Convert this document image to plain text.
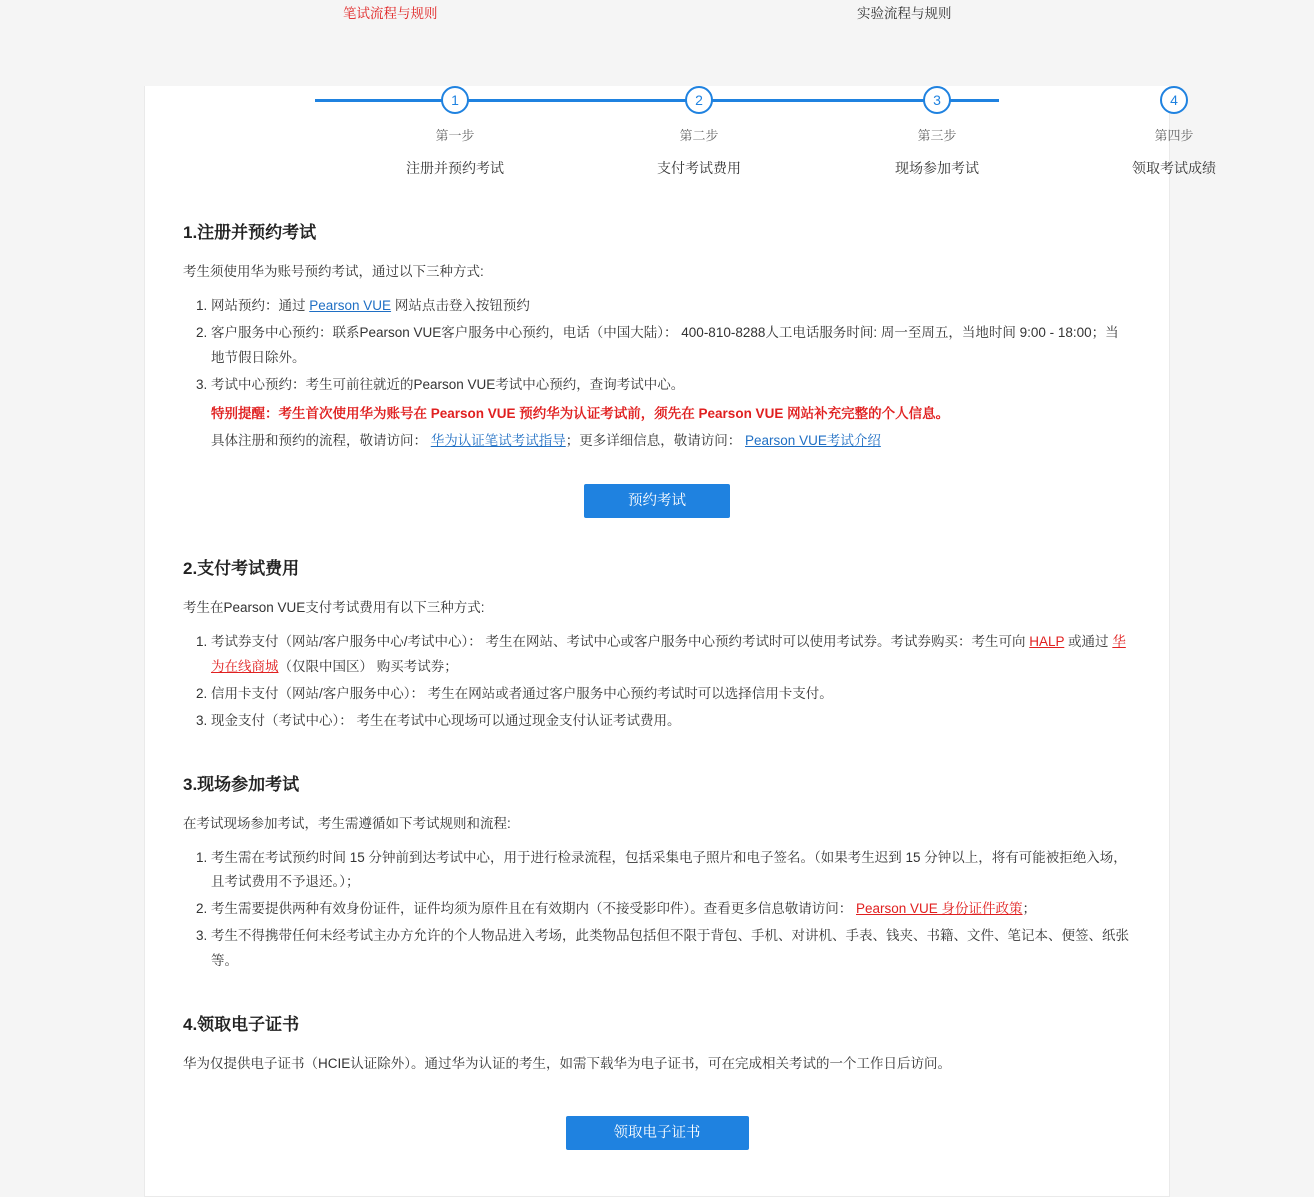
笔试流程与规则	实验流程与规则
1
第一步
注册并预约考试
2
第二步
支付考试费用
3
第三步
现场参加考试
4
第四步
领取考试成绩
1.注册并预约考试

考生须使用华为账号预约考试，通过以下三种方式:

1. 网站预约：通过 Pearson VUE 网站点击登入按钮预约
2. 客户服务中心预约：联系Pearson VUE客户服务中心预约，电话（中国大陆）： 400-810-8288人工电话服务时间: 周一至周五，当地时间 9:00 - 18:00；当地节假日除外。
3. 考试中心预约：考生可前往就近的Pearson VUE考试中心预约，查询考试中心。
特别提醒：考生首次使用华为账号在 Pearson VUE 预约华为认证考试前，须先在 Pearson VUE 网站补充完整的个人信息。
具体注册和预约的流程，敬请访问： 华为认证笔试考试指导；更多详细信息，敬请访问： Pearson VUE考试介绍
预约考试
2.支付考试费用

考生在Pearson VUE支付考试费用有以下三种方式:

1. 考试券支付（网站/客户服务中心/考试中心）： 考生在网站、考试中心或客户服务中心预约考试时可以使用考试券。考试券购买：考生可向 HALP 或通过 华为在线商城（仅限中国区） 购买考试券；
2. 信用卡支付（网站/客户服务中心）： 考生在网站或者通过客户服务中心预约考试时可以选择信用卡支付。
3. 现金支付（考试中心）： 考生在考试中心现场可以通过现金支付认证考试费用。
3.现场参加考试

在考试现场参加考试，考生需遵循如下考试规则和流程:

1. 考生需在考试预约时间 15 分钟前到达考试中心，用于进行检录流程，包括采集电子照片和电子签名。（如果考生迟到 15 分钟以上，将有可能被拒绝入场，且考试费用不予退还。）；
2. 考生需要提供两种有效身份证件，证件均须为原件且在有效期内（不接受影印件）。查看更多信息敬请访问： Pearson VUE 身份证件政策；
3. 考生不得携带任何未经考试主办方允许的个人物品进入考场，此类物品包括但不限于背包、手机、对讲机、手表、钱夹、书籍、文件、笔记本、便签、纸张等。
4.领取电子证书

华为仅提供电子证书（HCIE认证除外）。通过华为认证的考生，如需下载华为电子证书，可在完成相关考试的一个工作日后访问。

领取电子证书
